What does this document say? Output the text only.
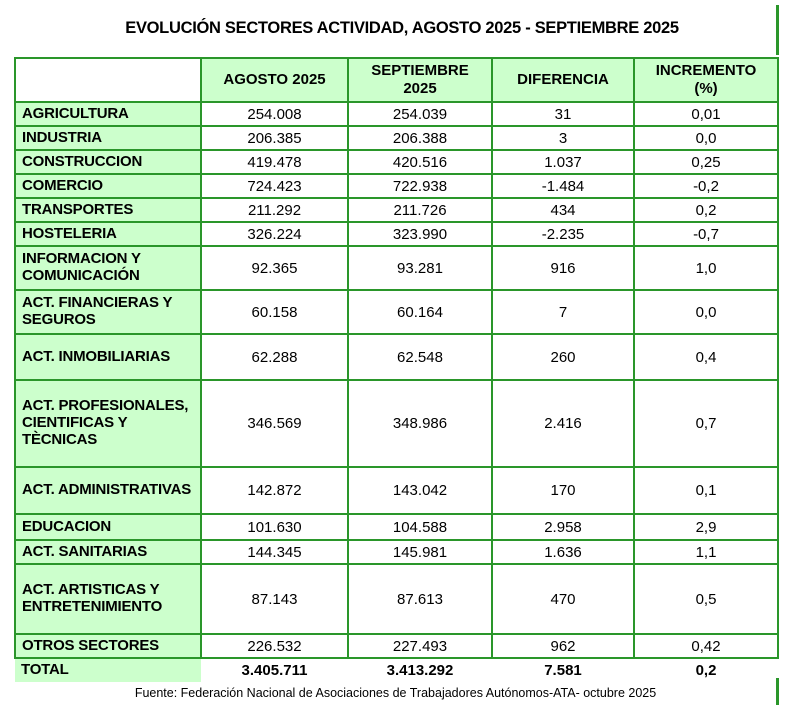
EVOLUCIÓN SECTORES ACTIVIDAD, AGOSTO 2025 - SEPTIEMBRE 2025
	AGOSTO 2025	SEPTIEMBRE 2025	DIFERENCIA	INCREMENTO (%)
AGRICULTURA	254.008	254.039	31	0,01
INDUSTRIA	206.385	206.388	3	0,0
CONSTRUCCION	419.478	420.516	1.037	0,25
COMERCIO	724.423	722.938	-1.484	-0,2
TRANSPORTES	211.292	211.726	434	0,2
HOSTELERIA	326.224	323.990	-2.235	-0,7
INFORMACION Y COMUNICACIÓN	92.365	93.281	916	1,0
ACT. FINANCIERAS Y SEGUROS	60.158	60.164	7	0,0
ACT. INMOBILIARIAS	62.288	62.548	260	0,4
ACT. PROFESIONALES, CIENTIFICAS Y TÈCNICAS	346.569	348.986	2.416	0,7
ACT. ADMINISTRATIVAS	142.872	143.042	170	0,1
EDUCACION	101.630	104.588	2.958	2,9
ACT. SANITARIAS	144.345	145.981	1.636	1,1
ACT. ARTISTICAS Y ENTRETENIMIENTO	87.143	87.613	470	0,5
OTROS SECTORES	226.532	227.493	962	0,42
TOTAL	3.405.711	3.413.292	7.581	0,2
Fuente: Federación Nacional de Asociaciones de Trabajadores Autónomos-ATA- octubre 2025
